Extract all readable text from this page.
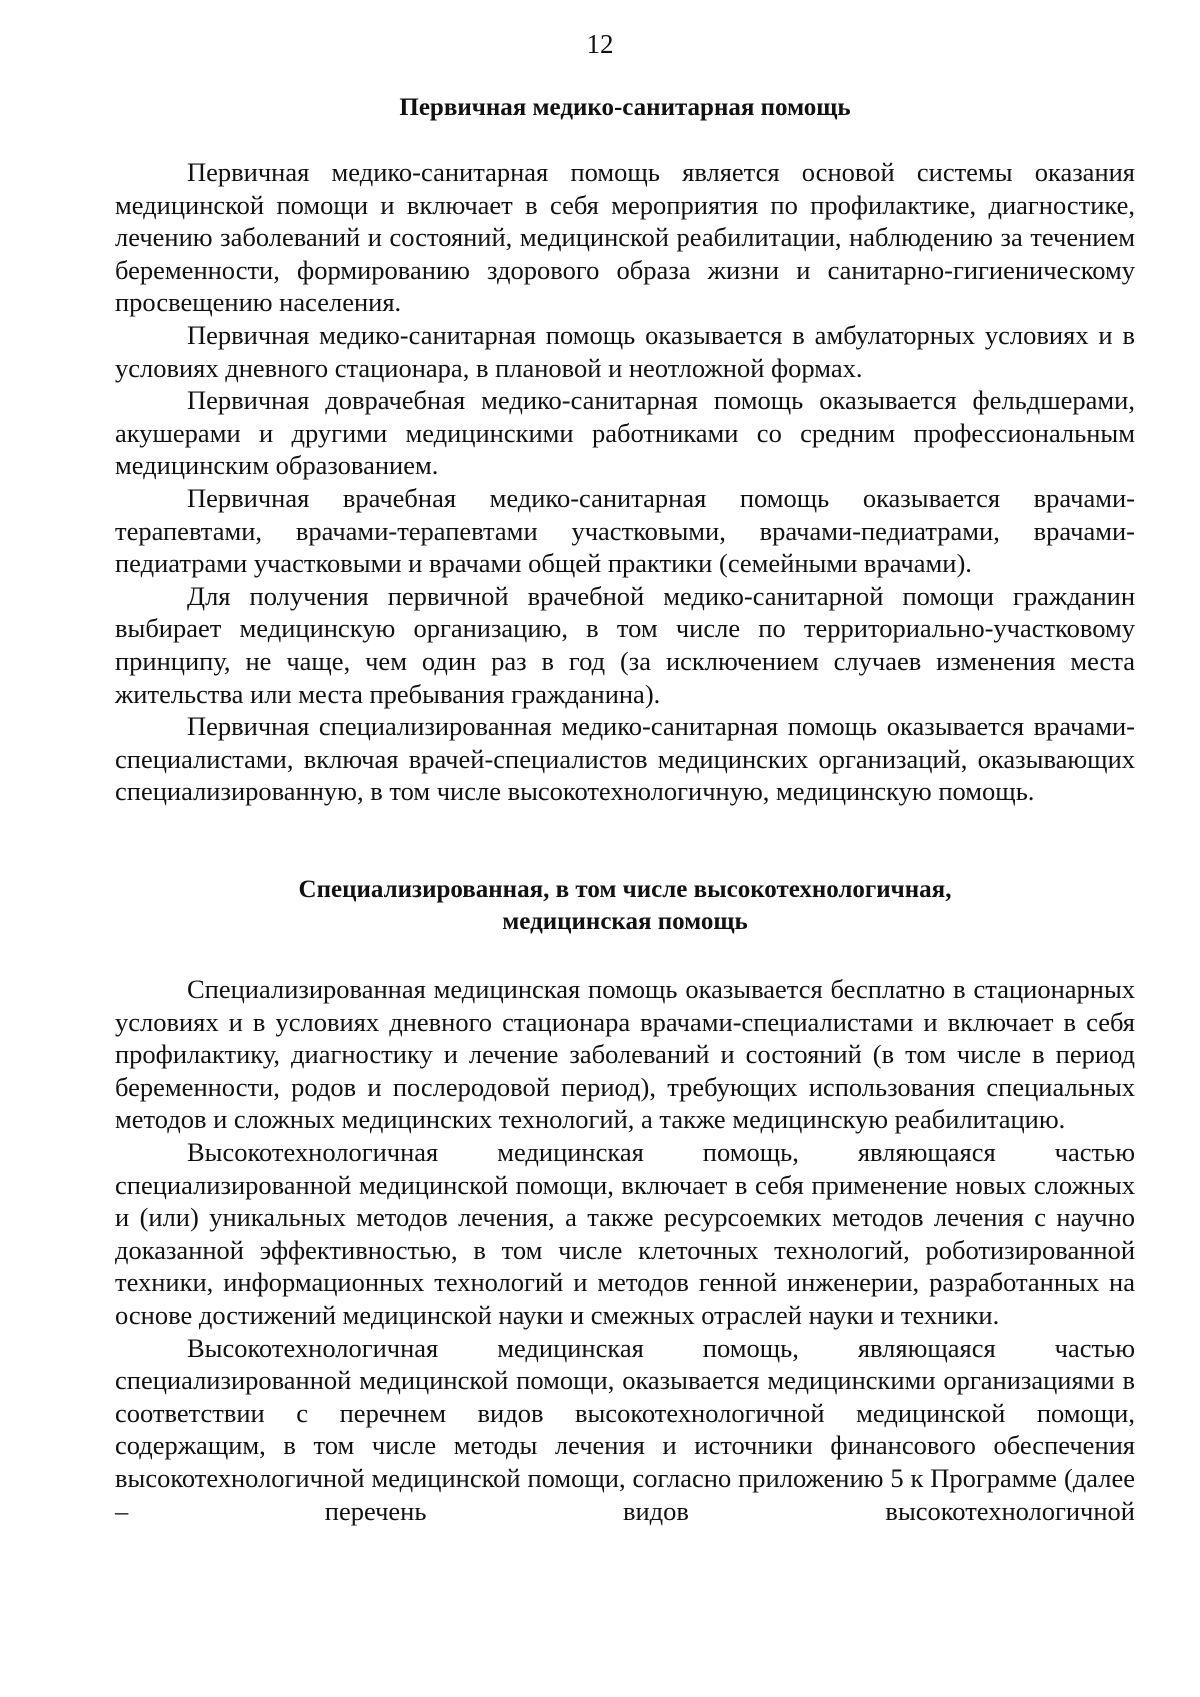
12
Первичная медико-санитарная помощь

Первичная медико-санитарная помощь является основой системы оказания медицинской помощи и включает в себя мероприятия по профилактике, диагностике, лечению заболеваний и состояний, медицинской реабилитации, наблюдению за течением беременности, формированию здорового образа жизни и санитарно-гигиеническому просвещению населения.

Первичная медико-санитарная помощь оказывается в амбулаторных условиях и в условиях дневного стационара, в плановой и неотложной формах.

Первичная доврачебная медико-санитарная помощь оказывается фельдшерами, акушерами и другими медицинскими работниками со средним профессиональным медицинским образованием.

Первичная врачебная медико-санитарная помощь оказывается врачами-терапевтами, врачами-терапевтами участковыми, врачами-педиатрами, врачами-педиатрами участковыми и врачами общей практики (семейными врачами).

Для получения первичной врачебной медико-санитарной помощи гражданин выбирает медицинскую организацию, в том числе по территориально-участковому принципу, не чаще, чем один раз в год (за исключением случаев изменения места жительства или места пребывания гражданина).

Первичная специализированная медико-санитарная помощь оказывается врачами-специалистами, включая врачей-специалистов медицинских организаций, оказывающих специализированную, в том числе высокотехнологичную, медицинскую помощь.

Специализированная, в том числе высокотехнологичная,
медицинская помощь

Специализированная медицинская помощь оказывается бесплатно в стационарных условиях и в условиях дневного стационара врачами-специалистами и включает в себя профилактику, диагностику и лечение заболеваний и состояний (в том числе в период беременности, родов и послеродовой период), требующих использования специальных методов и сложных медицинских технологий, а также медицинскую реабилитацию.

Высокотехнологичная медицинская помощь, являющаяся частью специализированной медицинской помощи, включает в себя применение новых сложных и (или) уникальных методов лечения, а также ресурсоемких методов лечения с научно доказанной эффективностью, в том числе клеточных технологий, роботизированной техники, информационных технологий и методов генной инженерии, разработанных на основе достижений медицинской науки и смежных отраслей науки и техники.

Высокотехнологичная медицинская помощь, являющаяся частью специализированной медицинской помощи, оказывается медицинскими организациями в соответствии с перечнем видов высокотехнологичной медицинской помощи, содержащим, в том числе методы лечения и источники финансового обеспечения высокотехнологичной медицинской помощи, согласно приложению 5 к Программе (далее – перечень видов высокотехнологичной
